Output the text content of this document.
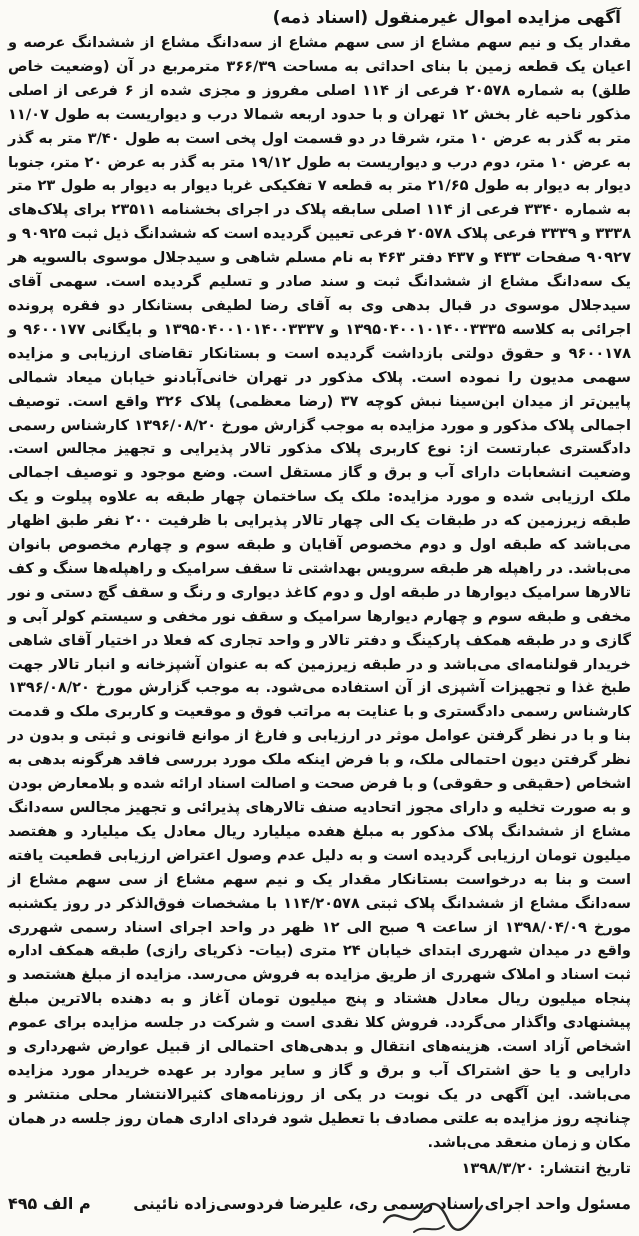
آگهی مزایده اموال غیرمنقول (اسناد ذمه)

مقدار یک و نیم سهم مشاع از سی سهم مشاع از سه‌دانگ مشاع از ششدانگ عرصه و اعیان یک قطعه زمین با بنای احداثی به مساحت ۳۶۶/۳۹ مترمربع در آن (وضعیت خاص طلق) به شماره ۲۰۵۷۸ فرعی از ۱۱۴ اصلی مفروز و مجزی شده از ۶ فرعی از اصلی مذکور ناحیه غار بخش ۱۲ تهران و با حدود اربعه شمالا درب و دیواریست به طول ۱۱/۰۷ متر به گذر به عرض ۱۰ متر، شرقا در دو قسمت اول پخی است به طول ۳/۴۰ متر به گذر به عرض ۱۰ متر، دوم درب و دیواریست به طول ۱۹/۱۲ متر به گذر به عرض ۲۰ متر، جنوبا دیوار به دیوار به طول ۲۱/۶۵ متر به قطعه ۷ تفکیکی غربا دیوار به دیوار به طول ۲۳ متر به شماره ۳۳۴۰ فرعی از ۱۱۴ اصلی سابقه پلاک در اجرای بخشنامه ۲۳۵۱۱ برای پلاک‌های ۳۳۳۸ و ۳۳۳۹ فرعی پلاک ۲۰۵۷۸ فرعی تعیین گردیده است که ششدانگ ذیل ثبت ۹۰۹۲۵ و ۹۰۹۲۷ صفحات ۴۳۳ و ۴۳۷ دفتر ۴۶۳ به نام مسلم شاهی و سیدجلال موسوی بالسویه هر یک سه‌دانگ مشاع از ششدانگ ثبت و سند صادر و تسلیم گردیده است. سهمی آقای سیدجلال موسوی در قبال بدهی وی به آقای رضا لطیفی بستانکار دو فقره پرونده اجرائی به کلاسه ۱۳۹۵۰۴۰۰۱۰۱۴۰۰۳۳۳۵ و ۱۳۹۵۰۴۰۰۱۰۱۴۰۰۳۳۳۷ و بایگانی ۹۶۰۰۱۷۷ و ۹۶۰۰۱۷۸ و حقوق دولتی بازداشت گردیده است و بستانکار تقاضای ارزیابی و مزایده سهمی مدیون را نموده است. پلاک مذکور در تهران خانی‌آبادنو خیابان میعاد شمالی پایین‌تر از میدان ابن‌سینا نبش کوچه ۳۷ (رضا معظمی) پلاک ۳۲۶ واقع است. توصیف اجمالی پلاک مذکور و مورد مزایده به موجب گزارش مورخ ۱۳۹۶/۰۸/۲۰ کارشناس رسمی دادگستری عبارتست از: نوع کاربری پلاک مذکور تالار پذیرایی و تجهیز مجالس است. وضعیت انشعابات دارای آب و برق و گاز مستقل است. وضع موجود و توصیف اجمالی ملک ارزیابی شده و مورد مزایده: ملک یک ساختمان چهار طبقه به علاوه پیلوت و یک طبقه زیرزمین که در طبقات یک الی چهار تالار پذیرایی با ظرفیت ۲۰۰ نفر طبق اظهار می‌باشد که طبقه اول و دوم مخصوص آقایان و طبقه سوم و چهارم مخصوص بانوان می‌باشد. در راهپله هر طبقه سرویس بهداشتی تا سقف سرامیک و راهپله‌ها سنگ و کف تالارها سرامیک دیوارها در طبقه اول و دوم کاغذ دیواری و رنگ و سقف گچ دستی و نور مخفی و طبقه سوم و چهارم دیوارها سرامیک و سقف نور مخفی و سیستم کولر آبی و گازی و در طبقه همکف پارکینگ و دفتر تالار و واحد تجاری که فعلا در اختیار آقای شاهی خریدار قولنامه‌ای می‌باشد و در طبقه زیرزمین که به عنوان آشپزخانه و انبار تالار جهت طبخ غذا و تجهیزات آشپزی از آن استفاده می‌شود. به موجب گزارش مورخ ۱۳۹۶/۰۸/۲۰ کارشناس رسمی دادگستری و با عنایت به مراتب فوق و موقعیت و کاربری ملک و قدمت بنا و با در نظر گرفتن عوامل موثر در ارزیابی و فارغ از موانع قانونی و ثبتی و بدون در نظر گرفتن دیون احتمالی ملک، و با فرض اینکه ملک مورد بررسی فاقد هرگونه بدهی به اشخاص (حقیقی و حقوقی) و با فرض صحت و اصالت اسناد ارائه شده و بلامعارض بودن و به صورت تخلیه و دارای مجوز اتحادیه صنف تالارهای پذیرائی و تجهیز مجالس سه‌دانگ مشاع از ششدانگ پلاک مذکور به مبلغ هفده میلیارد ریال معادل یک میلیارد و هفتصد میلیون تومان ارزیابی گردیده است و به دلیل عدم وصول اعتراض ارزیابی قطعیت یافته است و بنا به درخواست بستانکار مقدار یک و نیم سهم مشاع از سی سهم مشاع از سه‌دانگ مشاع از ششدانگ پلاک ثبتی ۱۱۴/۲۰۵۷۸ با مشخصات فوق‌الذکر در روز یکشنبه مورخ ۱۳۹۸/۰۴/۰۹ از ساعت ۹ صبح الی ۱۲ ظهر در واحد اجرای اسناد رسمی شهرری واقع در میدان شهرری ابتدای خیابان ۲۴ متری (بیات- ذکریای رازی) طبقه همکف اداره ثبت اسناد و املاک شهرری از طریق مزایده به فروش می‌رسد. مزایده از مبلغ هشتصد و پنجاه میلیون ریال معادل هشتاد و پنج میلیون تومان آغاز و به دهنده بالاترین مبلغ پیشنهادی واگذار می‌گردد. فروش کلا نقدی است و شرکت در جلسه مزایده برای عموم اشخاص آزاد است. هزینه‌های انتقال و بدهی‌های احتمالی از قبیل عوارض شهرداری و دارایی و یا حق اشتراک آب و برق و گاز و سایر موارد بر عهده خریدار مورد مزایده می‌باشد. این آگهی در یک نوبت در یکی از روزنامه‌های کثیرالانتشار محلی منتشر و چنانچه روز مزایده به علتی مصادف با تعطیل شود فردای اداری همان روز جلسه در همان مکان و زمان منعقد می‌باشد.

تاریخ انتشار: ۱۳۹۸/۳/۲۰
مسئول واحد اجرای اسناد رسمی ری، علیرضا فردوسی‌زاده نائینی
م الف ۴۹۵
